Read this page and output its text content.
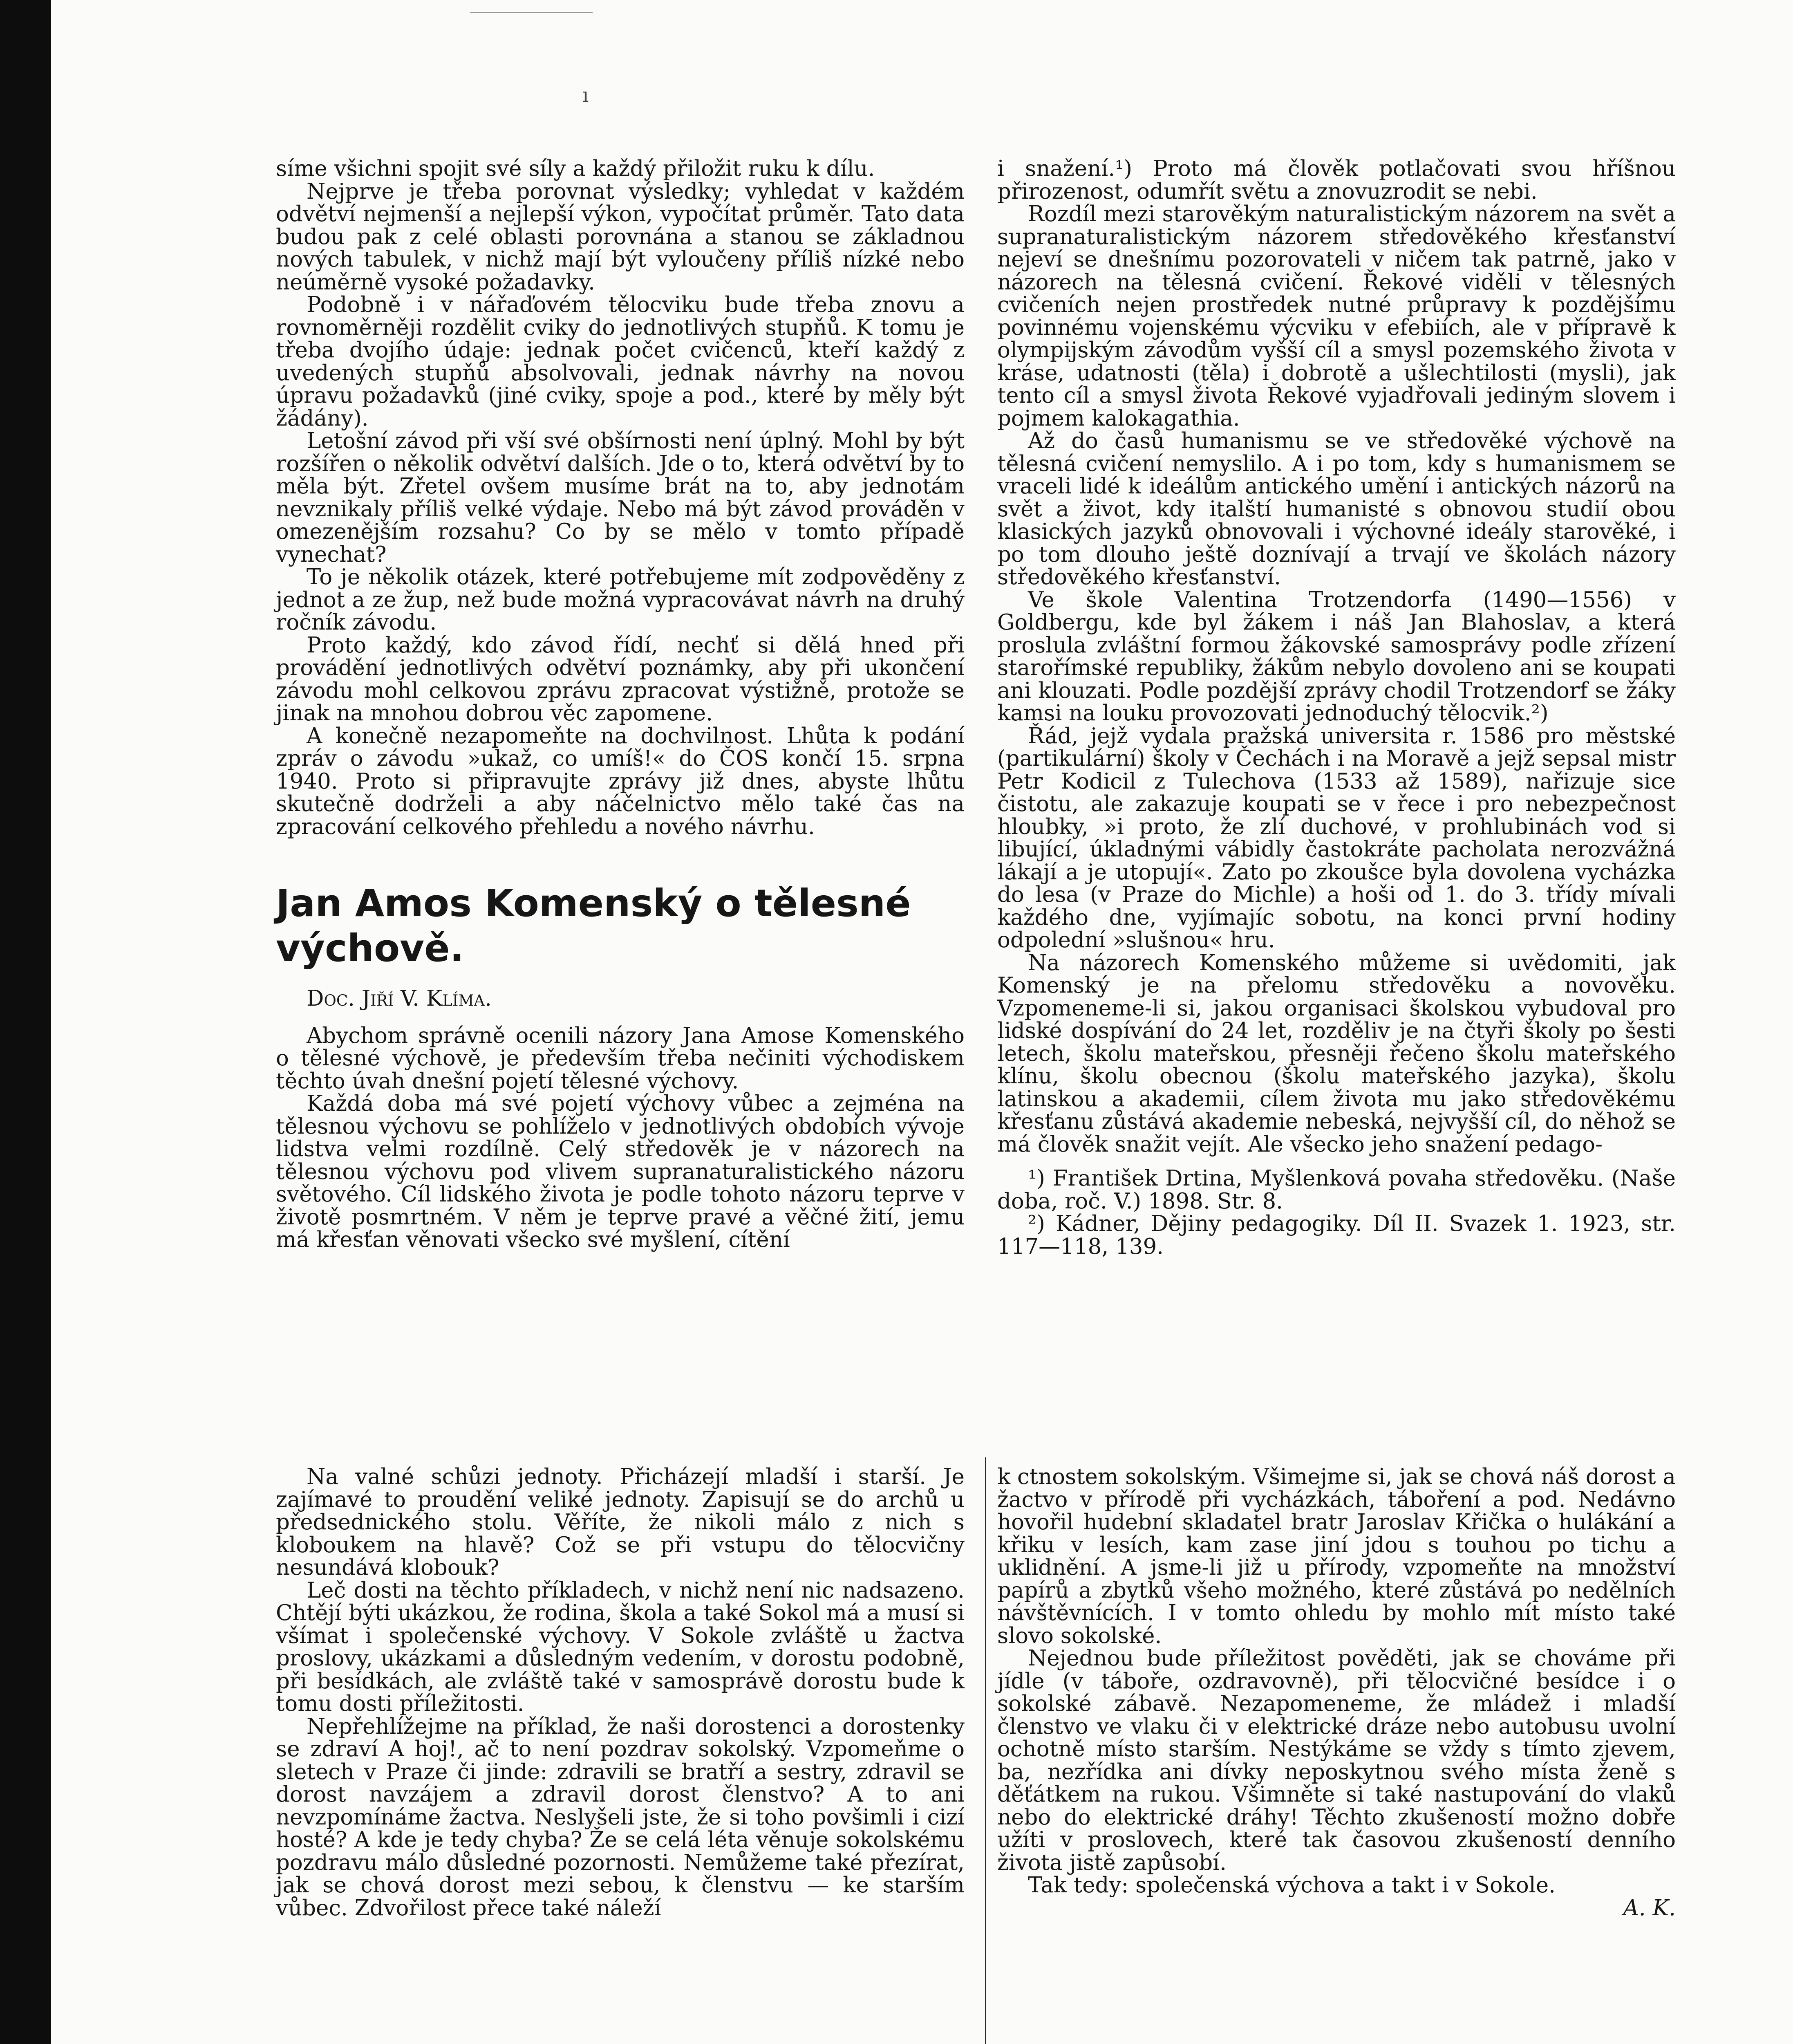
ı

síme všichni spojit své síly a každý přiložit ruku k dílu.

Nejprve je třeba porovnat výsledky; vyhledat v každém odvětví nejmenší a nejlepší výkon, vypočítat průměr. Tato data budou pak z celé oblasti porovnána a stanou se základnou nových tabulek, v nichž mají být vyloučeny příliš nízké nebo neúměrně vysoké požadavky.

Podobně i v nářaďovém tělocviku bude třeba znovu a rovnoměrněji rozdělit cviky do jednotlivých stupňů. K tomu je třeba dvojího údaje: jednak počet cvičenců, kteří každý z uvedených stupňů absolvovali, jednak návrhy na novou úpravu požadavků (jiné cviky, spoje a pod., které by měly být žádány).

Letošní závod při vší své obšírnosti není úplný. Mohl by být rozšířen o několik odvětví dalších. Jde o to, která odvětví by to měla být. Zřetel ovšem musíme brát na to, aby jednotám nevznikaly příliš velké výdaje. Nebo má být závod prováděn v omezenějším rozsahu? Co by se mělo v tomto případě vynechat?

To je několik otázek, které potřebujeme mít zodpověděny z jednot a ze žup, než bude možná vypracovávat návrh na druhý ročník závodu.

Proto každý, kdo závod řídí, nechť si dělá hned při provádění jednotlivých odvětví poznámky, aby při ukončení závodu mohl celkovou zprávu zpracovat výstižně, protože se jinak na mnohou dobrou věc zapomene.

A konečně nezapomeňte na dochvilnost. Lhůta k podání zpráv o závodu »ukaž, co umíš!« do ČOS končí 15. srpna 1940. Proto si připravujte zprávy již dnes, abyste lhůtu skutečně dodrželi a aby náčelnictvo mělo také čas na zpracování celkového přehledu a nového návrhu.

Jan Amos Komenský o tělesné výchově.

Doc. Jiří V. Klíma.

Abychom správně ocenili názory Jana Amose Komenského o tělesné výchově, je především třeba nečiniti východiskem těchto úvah dnešní pojetí tělesné výchovy.

Každá doba má své pojetí výchovy vůbec a zejména na tělesnou výchovu se pohlíželo v jednotlivých obdobích vývoje lidstva velmi rozdílně. Celý středověk je v názorech na tělesnou výchovu pod vlivem supranaturalistického názoru světového. Cíl lidského života je podle tohoto názoru teprve v životě posmrtném. V něm je teprve pravé a věčné žití, jemu má křesťan věnovati všecko své myšlení, cítění

i snažení.¹) Proto má člověk potlačovati svou hříšnou přirozenost, odumřít světu a znovuzrodit se nebi.

Rozdíl mezi starověkým naturalistickým názorem na svět a supranaturalistickým názorem středověkého křesťanství nejeví se dnešnímu pozorovateli v ničem tak patrně, jako v názorech na tělesná cvičení. Řekové viděli v tělesných cvičeních nejen prostředek nutné průpravy k pozdějšímu povinnému vojenskému výcviku v efebiích, ale v přípravě k olympijským závodům vyšší cíl a smysl pozemského života v kráse, udatnosti (těla) i dobrotě a ušlechtilosti (mysli), jak tento cíl a smysl života Řekové vyjadřovali jediným slovem i pojmem kalokagathia.

Až do časů humanismu se ve středověké výchově na tělesná cvičení nemyslilo. A i po tom, kdy s humanismem se vraceli lidé k ideálům antického umění i antických názorů na svět a život, kdy italští humanisté s obnovou studií obou klasických jazyků obnovovali i výchovné ideály starověké, i po tom dlouho ještě doznívají a trvají ve školách názory středověkého křesťanství.

Ve škole Valentina Trotzendorfa (1490—1556) v Goldbergu, kde byl žákem i náš Jan Blahoslav, a která proslula zvláštní formou žákovské samosprávy podle zřízení starořímské republiky, žákům nebylo dovoleno ani se koupati ani klouzati. Podle pozdější zprávy chodil Trotzendorf se žáky kamsi na louku provozovati jednoduchý tělocvik.²)

Řád, jejž vydala pražská universita r. 1586 pro městské (partikulární) školy v Čechách i na Moravě a jejž sepsal mistr Petr Kodicil z Tulechova (1533 až 1589), nařizuje sice čistotu, ale zakazuje koupati se v řece i pro nebezpečnost hloubky, »i proto, že zlí duchové, v prohlubinách vod si libující, úkladnými vábidly častokráte pacholata nerozvážná lákají a je utopují«. Zato po zkoušce byla dovolena vycházka do lesa (v Praze do Michle) a hoši od 1. do 3. třídy mívali každého dne, vyjímajíc sobotu, na konci první hodiny odpolední »slušnou« hru.

Na názorech Komenského můžeme si uvědomiti, jak Komenský je na přelomu středověku a novověku. Vzpomeneme-li si, jakou organisaci školskou vybudoval pro lidské dospívání do 24 let, rozděliv je na čtyři školy po šesti letech, školu mateřskou, přesněji řečeno školu mateřského klínu, školu obecnou (školu mateřského jazyka), školu latinskou a akademii, cílem života mu jako středověkému křesťanu zůstává akademie nebeská, nejvyšší cíl, do něhož se má člověk snažit vejít. Ale všecko jeho snažení pedago-

¹) František Drtina, Myšlenková povaha středověku. (Naše doba, roč. V.) 1898. Str. 8.

²) Kádner, Dějiny pedagogiky. Díl II. Svazek 1. 1923, str. 117—118, 139.

Na valné schůzi jednoty. Přicházejí mladší i starší. Je zajímavé to proudění veliké jednoty. Zapisují se do archů u předsednického stolu. Věříte, že nikoli málo z nich s kloboukem na hlavě? Což se při vstupu do tělocvičny nesundává klobouk?

Leč dosti na těchto příkladech, v nichž není nic nadsazeno. Chtějí býti ukázkou, že rodina, škola a také Sokol má a musí si všímat i společenské výchovy. V Sokole zvláště u žactva proslovy, ukázkami a důsledným vedením, v dorostu podobně, při besídkách, ale zvláště také v samosprávě dorostu bude k tomu dosti příležitosti.

Nepřehlížejme na příklad, že naši dorostenci a dorostenky se zdraví A hoj!, ač to není pozdrav sokolský. Vzpomeňme o sletech v Praze či jinde: zdravili se bratří a sestry, zdravil se dorost navzájem a zdravil dorost členstvo? A to ani nevzpomínáme žactva. Neslyšeli jste, že si toho povšimli i cizí hosté? A kde je tedy chyba? Že se celá léta věnuje sokolskému pozdravu málo důsledné pozornosti. Nemůžeme také přezírat, jak se chová dorost mezi sebou, k členstvu — ke starším vůbec. Zdvořilost přece také náleží

k ctnostem sokolským. Všimejme si, jak se chová náš dorost a žactvo v přírodě při vycházkách, táboření a pod. Nedávno hovořil hudební skladatel bratr Jaroslav Křička o hulákání a křiku v lesích, kam zase jiní jdou s touhou po tichu a uklidnění. A jsme-li již u přírody, vzpomeňte na množství papírů a zbytků všeho možného, které zůstává po nedělních návštěvnících. I v tomto ohledu by mohlo mít místo také slovo sokolské.

Nejednou bude příležitost pověděti, jak se chováme při jídle (v táboře, ozdravovně), při tělocvičné besídce i o sokolské zábavě. Nezapomeneme, že mládež i mladší členstvo ve vlaku či v elektrické dráze nebo autobusu uvolní ochotně místo starším. Nestýkáme se vždy s tímto zjevem, ba, nezřídka ani dívky neposkytnou svého místa ženě s děťátkem na rukou. Všimněte si také nastupování do vlaků nebo do elektrické dráhy! Těchto zkušeností možno dobře užíti v proslovech, které tak časovou zkušeností denního života jistě zapůsobí.

Tak tedy: společenská výchova a takt i v Sokole.

A. K.
